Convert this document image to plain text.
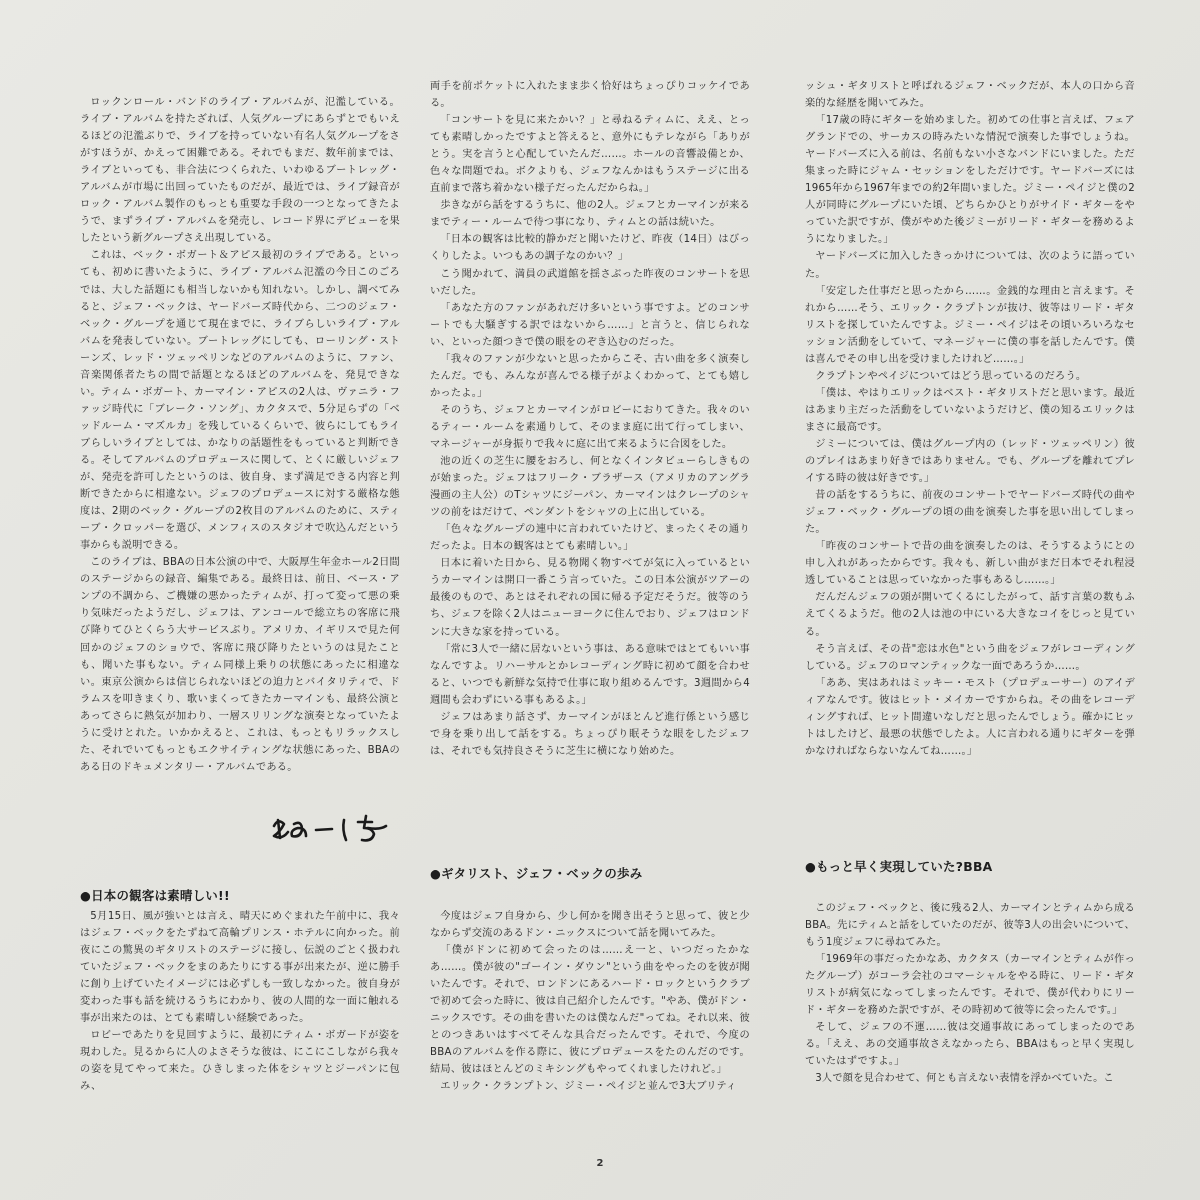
ロックンロール・バンドのライブ・アルバムが、氾濫している。ライブ・アルバムを持たざれば、人気グループにあらずとでもいえるほどの氾濫ぶりで、ライブを持っていない有名人気グループをさがすほうが、かえって困難である。それでもまだ、数年前までは、ライブといっても、非合法につくられた、いわゆるブートレッグ・アルバムが市場に出回っていたものだが、最近では、ライブ録音がロック・アルバム製作のもっとも重要な手段の一つとなってきたようで、まずライブ・アルバムを発売し、レコード界にデビューを果したという新グループさえ出現している。

これは、ベック・ボガート＆アピス最初のライブである。といっても、初めに書いたように、ライブ・アルバム氾濫の今日このごろでは、大した話題にも相当しないかも知れない。しかし、調べてみると、ジェフ・ベックは、ヤードバーズ時代から、二つのジェフ・ベック・グループを通じて現在までに、ライブらしいライブ・アルバムを発表していない。ブートレッグにしても、ローリング・ストーンズ、レッド・ツェッペリンなどのアルバムのように、ファン、音楽関係者たちの間で話題となるほどのアルバムを、発見できない。ティム・ボガート、カーマイン・アピスの2人は、ヴァニラ・ファッジ時代に「ブレーク・ソング」、カクタスで、5分足らずの「ベッドルーム・マズルカ」を残しているくらいで、彼らにしてもライブらしいライブとしては、かなりの話題性をもっていると判断できる。そしてアルバムのプロデュースに関して、とくに厳しいジェフが、発売を許可したというのは、彼自身、まず満足できる内容と判断できたからに相違ない。ジェフのプロデュースに対する厳格な態度は、2期のベック・グループの2枚目のアルバムのために、スティーブ・クロッパーを選び、メンフィスのスタジオで吹込んだという事からも説明できる。

このライブは、BBAの日本公演の中で、大阪厚生年金ホール2日間のステージからの録音、編集である。最終日は、前日、ベース・アンプの不調から、ご機嫌の悪かったティムが、打って変って悪の乗り気味だったようだし、ジェフは、アンコールで総立ちの客席に飛び降りてひとくらう大サービスぶり。アメリカ、イギリスで見た何回かのジェフのショウで、客席に飛び降りたというのは見たことも、聞いた事もない。ティム同様上乗りの状態にあったに相違ない。東京公演からは信じられないほどの迫力とバイタリティで、ドラムスを叩きまくり、歌いまくってきたカーマインも、最終公演とあってさらに熱気が加わり、一層スリリングな演奏となっていたように受けとれた。いかかえると、これは、もっともリラックスした、それでいてもっともエクサイティングな状態にあった、BBAのある日のドキュメンタリー・アルバムである。

両手を前ポケットに入れたまま歩く恰好はちょっぴりコッケイである。

「コンサートを見に来たかい？」と尋ねるティムに、ええ、とっても素晴しかったですよと答えると、意外にもテレながら「ありがとう。実を言うと心配していたんだ……。ホールの音響設備とか、色々な問題でね。ボクよりも、ジェフなんかはもうステージに出る直前まで落ち着かない様子だったんだからね。」

歩きながら話をするうちに、他の2人。ジェフとカーマインが来るまでティー・ルームで待つ事になり、ティムとの話は続いた。

「日本の観客は比較的静かだと聞いたけど、昨夜（14日）はびっくりしたよ。いつもあの調子なのかい？」

こう聞かれて、満員の武道館を揺さぶった昨夜のコンサートを思いだした。

「あなた方のファンがあれだけ多いという事ですよ。どのコンサートでも大騒ぎする訳ではないから……」と言うと、信じられない、といった顔つきで僕の眼をのぞき込むのだった。

「我々のファンが少ないと思ったからこそ、古い曲を多く演奏したんだ。でも、みんなが喜んでる様子がよくわかって、とても嬉しかったよ。」

そのうち、ジェフとカーマインがロビーにおりてきた。我々のいるティー・ルームを素通りして、そのまま庭に出て行ってしまい、マネージャーが身振りで我々に庭に出て来るように合図をした。

池の近くの芝生に腰をおろし、何となくインタビューらしきものが始まった。ジェフはフリーク・ブラザース（アメリカのアングラ漫画の主人公）のTシャツにジーパン、カーマインはクレープのシャツの前をはだけて、ペンダントをシャツの上に出している。

「色々なグループの連中に言われていたけど、まったくその通りだったよ。日本の観客はとても素晴しい。」

日本に着いた日から、見る物聞く物すべてが気に入っているというカーマインは開口一番こう言っていた。この日本公演がツアーの最後のもので、あとはそれぞれの国に帰る予定だそうだ。彼等のうち、ジェフを除く2人はニューヨークに住んでおり、ジェフはロンドンに大きな家を持っている。

「常に3人で一緒に居ないという事は、ある意味ではとてもいい事なんですよ。リハーサルとかレコーディング時に初めて顔を合わせると、いつでも新鮮な気持で仕事に取り組めるんです。3週間から4週間も会わずにいる事もあるよ。」

ジェフはあまり話さず、カーマインがほとんど進行係という感じで身を乗り出して話をする。ちょっぴり眠そうな眼をしたジェフは、それでも気持良さそうに芝生に横になり始めた。

ッシュ・ギタリストと呼ばれるジェフ・ベックだが、本人の口から音楽的な経歴を聞いてみた。

「17歳の時にギターを始めました。初めての仕事と言えば、フェアグランドでの、サーカスの時みたいな情況で演奏した事でしょうね。ヤードバーズに入る前は、名前もない小さなバンドにいました。ただ集まった時にジャム・セッションをしただけです。ヤードバーズには1965年から1967年までの約2年間いました。ジミー・ペイジと僕の2人が同時にグループにいた頃、どちらかひとりがサイド・ギターをやっていた訳ですが、僕がやめた後ジミーがリード・ギターを務めるようになりました。」

ヤードバーズに加入したきっかけについては、次のように語っていた。

「安定した仕事だと思ったから……。金銭的な理由と言えます。それから……そう、エリック・クラプトンが抜け、彼等はリード・ギタリストを探していたんですよ。ジミー・ペイジはその頃いろいろなセッション活動をしていて、マネージャーに僕の事を話したんです。僕は喜んでその申し出を受けましたけれど……。」

クラプトンやペイジについてはどう思っているのだろう。

「僕は、やはりエリックはベスト・ギタリストだと思います。最近はあまり主だった活動をしていないようだけど、僕の知るエリックはまさに最高です。

ジミーについては、僕はグループ内の（レッド・ツェッペリン）彼のプレイはあまり好きではありません。でも、グループを離れてプレイする時の彼は好きです。」

昔の話をするうちに、前夜のコンサートでヤードバーズ時代の曲やジェフ・ベック・グループの頃の曲を演奏した事を思い出してしまった。

「昨夜のコンサートで昔の曲を演奏したのは、そうするようにとの申し入れがあったからです。我々も、新しい曲がまだ日本でそれ程浸透していることは思っていなかった事もあるし……。」

だんだんジェフの頭が開いてくるにしたがって、話す言葉の数もふえてくるようだ。他の2人は池の中にいる大きなコイをじっと見ている。

そう言えば、その昔"恋は水色"という曲をジェフがレコーディングしている。ジェフのロマンティックな一面であろうか……。

「ああ、実はあれはミッキー・モスト（プロデューサー）のアイディアなんです。彼はヒット・メイカーですからね。その曲をレコーディングすれば、ヒット間違いなしだと思ったんでしょう。確かにヒットはしたけど、最悪の状態でしたよ。人に言われる通りにギターを弾かなければならないなんてね……。」

●日本の観客は素晴しい!!
●ギタリスト、ジェフ・ベックの歩み	●もっと早く実現していた?BBA

5月15日、風が強いとは言え、晴天にめぐまれた午前中に、我々はジェフ・ベックをたずねて高輪プリンス・ホテルに向かった。前夜にこの驚異のギタリストのステージに接し、伝説のごとく扱われていたジェフ・ベックをまのあたりにする事が出来たが、逆に勝手に創り上げていたイメージには必ずしも一致しなかった。彼自身が変わった事も話を続けるうちにわかり、彼の人間的な一面に触れる事が出来たのは、とても素晴しい経験であった。

ロビーであたりを見回すように、最初にティム・ボガードが姿を現わした。見るからに人のよさそうな彼は、にこにこしながら我々の姿を見てやって来た。ひきしまった体をシャツとジーパンに包み、

今度はジェフ自身から、少し何かを聞き出そうと思って、彼と少なからず交流のあるドン・ニックスについて話を聞いてみた。

「僕がドンに初めて会ったのは……え一と、いつだったかなあ……。僕が彼の"ゴーイン・ダウン"という曲をやったのを彼が聞いたんです。それで、ロンドンにあるハード・ロックというクラブで初めて会った時に、彼は自己紹介したんです。"やあ、僕がドン・ニックスです。その曲を書いたのは僕なんだ"ってね。それ以来、彼とのつきあいはすべてそんな具合だったんです。それで、今度のBBAのアルバムを作る際に、彼にプロデュースをたのんだのです。結局、彼はほとんどのミキシングもやってくれましたけれど。」

エリック・クランプトン、ジミー・ペイジと並んで3大ブリティ

このジェフ・ベックと、後に残る2人、カーマインとティムから成るBBA。先にティムと話をしていたのだが、彼等3人の出会いについて、もう1度ジェフに尋ねてみた。

「1969年の事だったかなあ、カクタス（カーマインとティムが作ったグループ）がコーラ会社のコマーシャルをやる時に、リード・ギタリストが病気になってしまったんです。それで、僕が代わりにリード・ギターを務めた訳ですが、その時初めて彼等に会ったんです。」

そして、ジェフの不運……彼は交通事故にあってしまったのである。「ええ、あの交通事故さえなかったら、BBAはもっと早く実現していたはずですよ。」

3人で顔を見合わせて、何とも言えない表情を浮かべていた。こ

2
